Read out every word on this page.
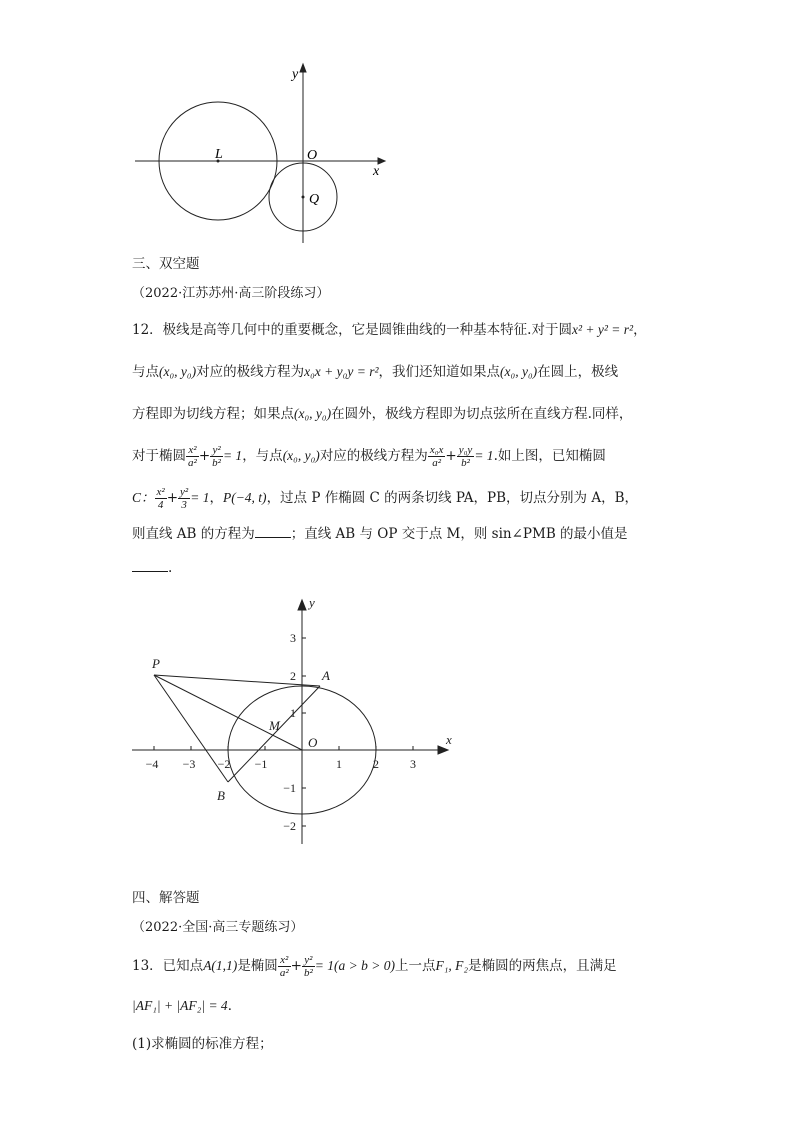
y
x
O
L
Q
三、双空题
（2022·江苏苏州·高三阶段练习）
12．极线是高等几何中的重要概念，它是圆锥曲线的一种基本特征.对于圆x² + y² = r²，
与点(x₀, y₀)对应的极线方程为x₀x + y₀y = r²，我们还知道如果点(x₀, y₀)在圆上，极线
方程即为切线方程；如果点(x₀, y₀)在圆外，极线方程即为切点弦所在直线方程.同样，
对于椭圆 $\frac{\text{x²}}{\text{a²}} + \frac{\text{y²}}{\text{b²}} = 1$，与点(x₀, y₀)对应的极线方程为 $\frac{\text{x₀x}}{\text{a²}} + \frac{\text{y₀y}}{\text{b²}} = 1$.如上图，已知椭圆
C： $\frac{\text{x²}}{4} + \frac{\text{y²}}{3} = 1$，P(−4, t)，过点 P 作椭圆 C 的两条切线 PA，PB，切点分别为 A，B，
则直线 AB 的方程为	；直线 AB 与 OP 交于点 M，则 sin∠PMB 的最小值是
.
−4 −3 −2 −1	1	2	3
3
2
1
−1
−2
y
x
O
P
A
B
M
四、解答题
（2022·全国·高三专题练习）
13．已知点A(1,1)是椭圆 $\frac{\text{x²}}{\text{a²}} + \frac{\text{y²}}{\text{b²}} = 1(a > b > 0)$上一点F₁, F₂是椭圆的两焦点，且满足
|AF₁| + |AF₂| = 4．
(1)求椭圆的标准方程；
